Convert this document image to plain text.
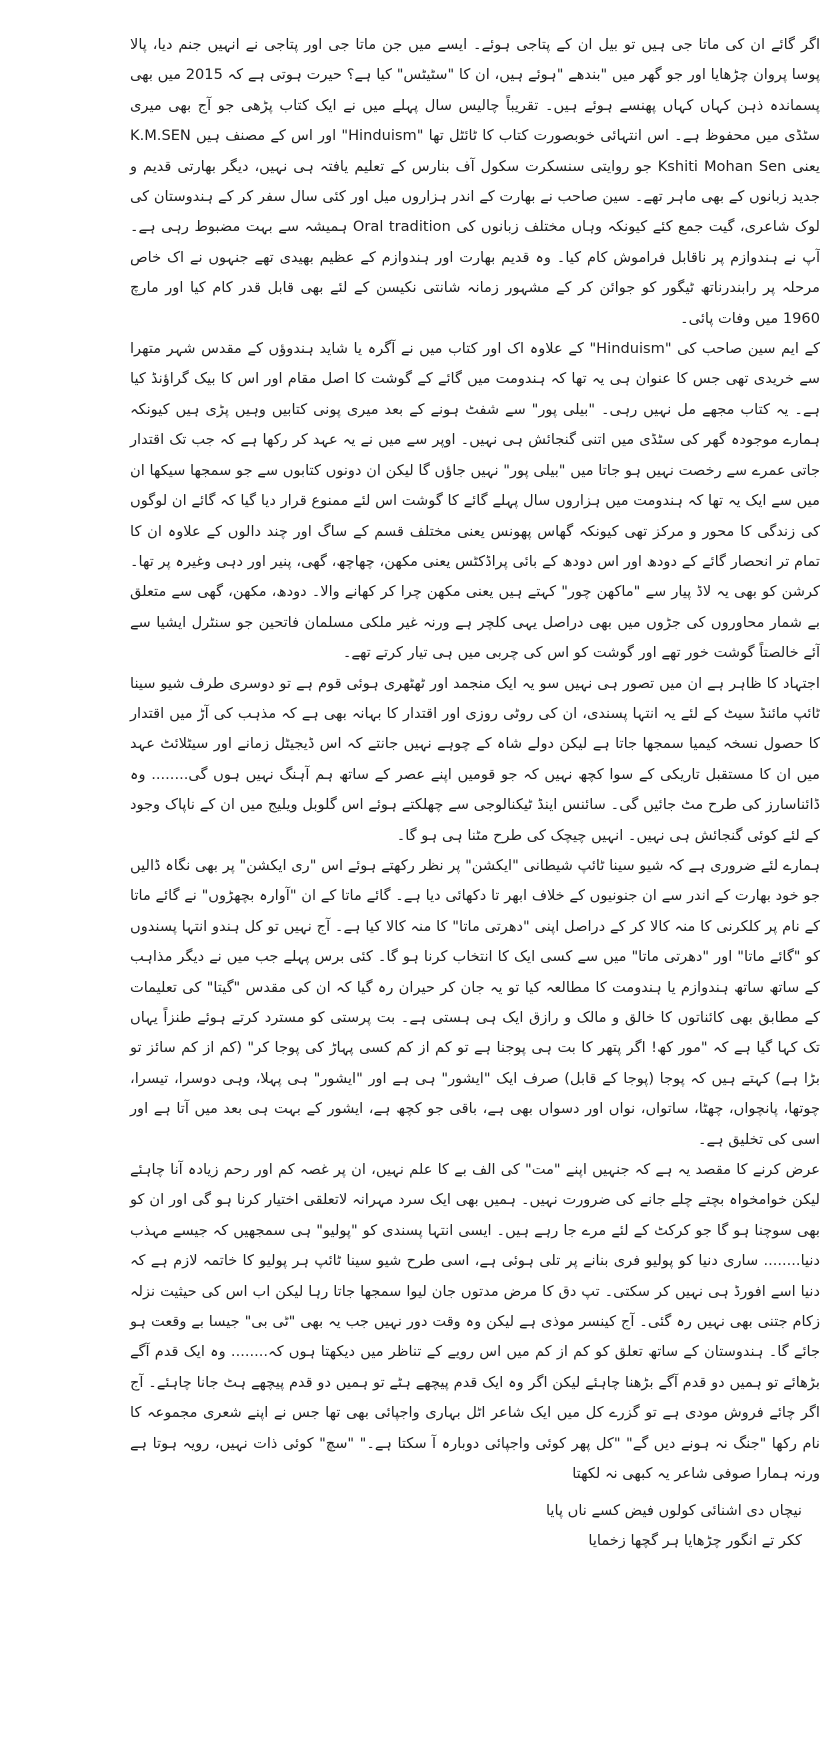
اگر گائے ان کی ماتا جی ہیں تو بیل ان کے پتاجی ہوئے۔ ایسے میں جن ماتا جی اور پتاجی نے انہیں جنم دیا، پالا پوسا پروان چڑھایا اور جو گھر میں "بندھے "ہوئے ہیں، ان کا "سٹیٹس" کیا ہے؟ حیرت ہوتی ہے کہ 2015 میں بھی پسماندہ ذہن کہاں کہاں پھنسے ہوئے ہیں۔ تقریباً چالیس سال پہلے میں نے ایک کتاب پڑھی جو آج بھی میری سٹڈی میں محفوظ ہے۔ اس انتہائی خوبصورت کتاب کا ٹائٹل تھا "Hinduism" اور اس کے مصنف ہیں K.M.SEN یعنی Kshiti Mohan Sen جو روایتی سنسکرت سکول آف بنارس کے تعلیم یافتہ ہی نہیں، دیگر بھارتی قدیم و جدید زبانوں کے بھی ماہر تھے۔ سین صاحب نے بھارت کے اندر ہزاروں میل اور کئی سال سفر کر کے ہندوستان کی لوک شاعری، گیت جمع کئے کیونکہ وہاں مختلف زبانوں کی Oral tradition ہمیشہ سے بہت مضبوط رہی ہے۔ آپ نے ہندوازم پر ناقابل فراموش کام کیا۔ وہ قدیم بھارت اور ہندوازم کے عظیم بھیدی تھے جنہوں نے اک خاص مرحلہ پر رابندرناتھ ٹیگور کو جوائن کر کے مشہور زمانہ شانتی نکیسن کے لئے بھی قابل قدر کام کیا اور مارچ 1960 میں وفات پائی۔

کے ایم سین صاحب کی "Hinduism" کے علاوہ اک اور کتاب میں نے آگرہ یا شاید ہندوؤں کے مقدس شہر متھرا سے خریدی تھی جس کا عنوان ہی یہ تھا کہ ہندومت میں گائے کے گوشت کا اصل مقام اور اس کا بیک گراؤنڈ کیا ہے۔ یہ کتاب مجھے مل نہیں رہی۔ "بیلی پور" سے شفٹ ہونے کے بعد میری پونی کتابیں وہیں پڑی ہیں کیونکہ ہمارے موجودہ گھر کی سٹڈی میں اتنی گنجائش ہی نہیں۔ اوپر سے میں نے یہ عہد کر رکھا ہے کہ جب تک اقتدار جاتی عمرے سے رخصت نہیں ہو جاتا میں "بیلی پور" نہیں جاؤں گا لیکن ان دونوں کتابوں سے جو سمجھا سیکھا ان میں سے ایک یہ تھا کہ ہندومت میں ہزاروں سال پہلے گائے کا گوشت اس لئے ممنوع قرار دیا گیا کہ گائے ان لوگوں کی زندگی کا محور و مرکز تھی کیونکہ گھاس پھونس یعنی مختلف قسم کے ساگ اور چند دالوں کے علاوہ ان کا تمام تر انحصار گائے کے دودھ اور اس دودھ کے بائی پراڈکٹس یعنی مکھن، چھاچھ، گھی، پنیر اور دہی وغیرہ پر تھا۔ کرشن کو بھی یہ لاڈ پیار سے "ماکھن چور" کہتے ہیں یعنی مکھن چرا کر کھانے والا۔ دودھ، مکھن، گھی سے متعلق بے شمار محاوروں کی جڑوں میں بھی دراصل یہی کلچر ہے ورنہ غیر ملکی مسلمان فاتحین جو سنٹرل ایشیا سے آئے خالصتاً گوشت خور تھے اور گوشت کو اس کی چربی میں ہی تیار کرتے تھے۔

اجتہاد کا ظاہر ہے ان میں تصور ہی نہیں سو یہ ایک منجمد اور ٹھٹھری ہوئی قوم ہے تو دوسری طرف شیو سینا ٹائپ مائنڈ سیٹ کے لئے یہ انتہا پسندی، ان کی روٹی روزی اور اقتدار کا بہانہ بھی ہے کہ مذہب کی آڑ میں اقتدار کا حصول نسخہ کیمیا سمجھا جاتا ہے لیکن دولے شاہ کے چوہے نہیں جانتے کہ اس ڈیجیٹل زمانے اور سیٹلائٹ عہد میں ان کا مستقبل تاریکی کے سوا کچھ نہیں کہ جو قومیں اپنے عصر کے ساتھ ہم آہنگ نہیں ہوں گی........ وہ ڈائناسارز کی طرح مٹ جائیں گی۔ سائنس اینڈ ٹیکنالوجی سے چھلکتے ہوئے اس گلوبل ویلیج میں ان کے ناپاک وجود کے لئے کوئی گنجائش ہی نہیں۔ انہیں چیچک کی طرح مٹنا ہی ہو گا۔

ہمارے لئے ضروری ہے کہ شیو سینا ٹائپ شیطانی "ایکشن" پر نظر رکھتے ہوئے اس "ری ایکشن" پر بھی نگاہ ڈالیں جو خود بھارت کے اندر سے ان جنونیوں کے خلاف ابھر تا دکھائی دیا ہے۔ گائے ماتا کے ان "آوارہ بچھڑوں" نے گائے ماتا کے نام پر کلکرنی کا منہ کالا کر کے دراصل اپنی "دھرتی ماتا" کا منہ کالا کیا ہے۔ آج نہیں تو کل ہندو انتہا پسندوں کو "گائے ماتا" اور "دھرتی ماتا" میں سے کسی ایک کا انتخاب کرنا ہو گا۔ کئی برس پہلے جب میں نے دیگر مذاہب کے ساتھ ساتھ ہندوازم یا ہندومت کا مطالعہ کیا تو یہ جان کر حیران رہ گیا کہ ان کی مقدس "گیتا" کی تعلیمات کے مطابق بھی کائناتوں کا خالق و مالک و رازق ایک ہی ہستی ہے۔ بت پرستی کو مسترد کرتے ہوئے طنزاً یہاں تک کہا گیا ہے کہ "مور کھ! اگر پتھر کا بت ہی پوجنا ہے تو کم از کم کسی پہاڑ کی پوجا کر" (کم از کم سائز تو بڑا ہے) کہتے ہیں کہ پوجا (پوجا کے قابل) صرف ایک "ایشور" ہی ہے اور "ایشور" ہی پہلا، وہی دوسرا، تیسرا، چوتھا، پانچواں، چھٹا، ساتواں، نواں اور دسواں بھی ہے، باقی جو کچھ ہے، ایشور کے بہت ہی بعد میں آتا ہے اور اسی کی تخلیق ہے۔

عرض کرنے کا مقصد یہ ہے کہ جنہیں اپنے "مت" کی الف بے کا علم نہیں، ان پر غصہ کم اور رحم زیادہ آنا چاہئے لیکن خوامخواہ بچتے چلے جانے کی ضرورت نہیں۔ ہمیں بھی ایک سرد مہرانہ لاتعلقی اختیار کرنا ہو گی اور ان کو بھی سوچنا ہو گا جو کرکٹ کے لئے مرے جا رہے ہیں۔ ایسی انتہا پسندی کو "پولیو" ہی سمجھیں کہ جیسے مہذب دنیا........ ساری دنیا کو پولیو فری بنانے پر تلی ہوئی ہے، اسی طرح شیو سینا ٹائپ ہر پولیو کا خاتمہ لازم ہے کہ دنیا اسے افورڈ ہی نہیں کر سکتی۔ تپ دق کا مرض مدتوں جان لیوا سمجھا جاتا رہا لیکن اب اس کی حیثیت نزلہ زکام جتنی بھی نہیں رہ گئی۔ آج کینسر موذی ہے لیکن وہ وقت دور نہیں جب یہ بھی "ٹی بی" جیسا بے وقعت ہو جائے گا۔ ہندوستان کے ساتھ تعلق کو کم از کم میں اس رویے کے تناظر میں دیکھتا ہوں کہ........ وہ ایک قدم آگے بڑھائے تو ہمیں دو قدم آگے بڑھنا چاہئے لیکن اگر وہ ایک قدم پیچھے ہٹے تو ہمیں دو قدم پیچھے ہٹ جانا چاہئے۔ آج اگر چائے فروش مودی ہے تو گزرے کل میں ایک شاعر اٹل بہاری واجپائی بھی تھا جس نے اپنے شعری مجموعہ کا نام رکھا "جنگ نہ ہونے دیں گے" "کل پھر کوئی واجپائی دوبارہ آ سکتا ہے۔" "سچ" کوئی ذات نہیں، رویہ ہوتا ہے ورنہ ہمارا صوفی شاعر یہ کبھی نہ لکھتا

نیچاں دی اشنائی کولوں فیض کسے ناں پایا
ککر تے انگور چڑھایا ہر گچھا زخمایا
